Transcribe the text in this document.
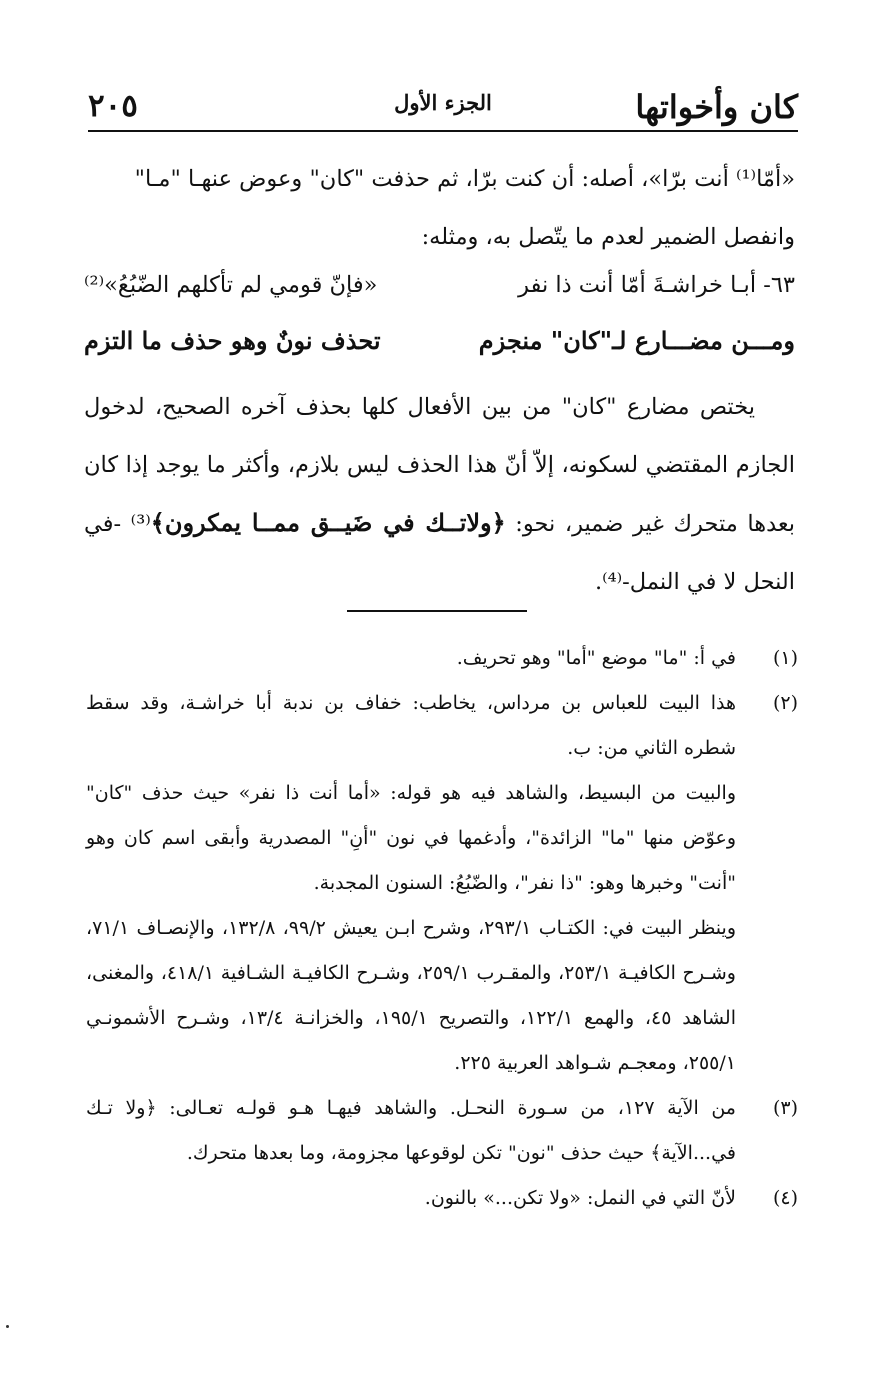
كان وأخواتها
الجزء الأول
٢٠٥

«أمّا⁽¹⁾ أنت برّا»، أصله: أن كنت برّا، ثم حذفت "كان" وعوض عنهـا "مـا"

وانفصل الضمير لعدم ما يتّصل به، ومثله:

٦٣- أبـا خراشـةَ أمّا أنت ذا نفر
«فإنّ قومي لم تأكلهم الضّبُعُ»⁽²⁾
ومـــن مضـــارع لـ"كان" منجزم
تحذف نونٌ وهو حذف ما التزم

يختص مضارع "كان" من بين الأفعال كلها بحذف آخره الصحيح، لدخول الجازم المقتضي لسكونه، إلاّ أنّ هذا الحذف ليس بلازم، وأكثر ما يوجد إذا كان بعدها متحرك غير ضمير، نحو: ﴿ولاتــك في ضَيــق ممــا يمكرون﴾⁽³⁾ -في النحل لا في النمل-⁽⁴⁾.

(١)

في أ: "ما" موضع "أما" وهو تحريف.

(٢)

هذا البيت للعباس بن مرداس، يخاطب: خفاف بن ندبة أبا خراشـة، وقد سقط شطره الثاني من: ب.

والبيت من البسيط، والشاهد فيه هو قوله: «أما أنت ذا نفر» حيث حذف "كان" وعوّض منها "ما" الزائدة"، وأدغمها في نون "أنِ" المصدرية وأبقى اسم كان وهو "أنت" وخبرها وهو: "ذا نفر"، والضّبُعُ: السنون المجدبة.

وينظر البيت في: الكتـاب ٢٩٣/١، وشرح ابـن يعيش ٩٩/٢، ١٣٢/٨، والإنصـاف ٧١/١، وشـرح الكافيـة ٢٥٣/١، والمقـرب ٢٥٩/١، وشـرح الكافيـة الشـافية ٤١٨/١، والمغنى، الشاهد ٤٥، والهمع ١٢٢/١، والتصريح ١٩٥/١، والخزانـة ١٣/٤، وشـرح الأشمونـي ٢٥٥/١، ومعجـم شـواهد العربية ٢٢٥.

(٣)

من الآية ١٢٧، من سـورة النحـل. والشاهد فيهـا هـو قولـه تعـالى: ﴿ولا تـك في...الآية﴾ حيث حذف "نون" تكن لوقوعها مجزومة، وما بعدها متحرك.

(٤)

لأنّ التي في النمل: «ولا تكن...» بالنون.
